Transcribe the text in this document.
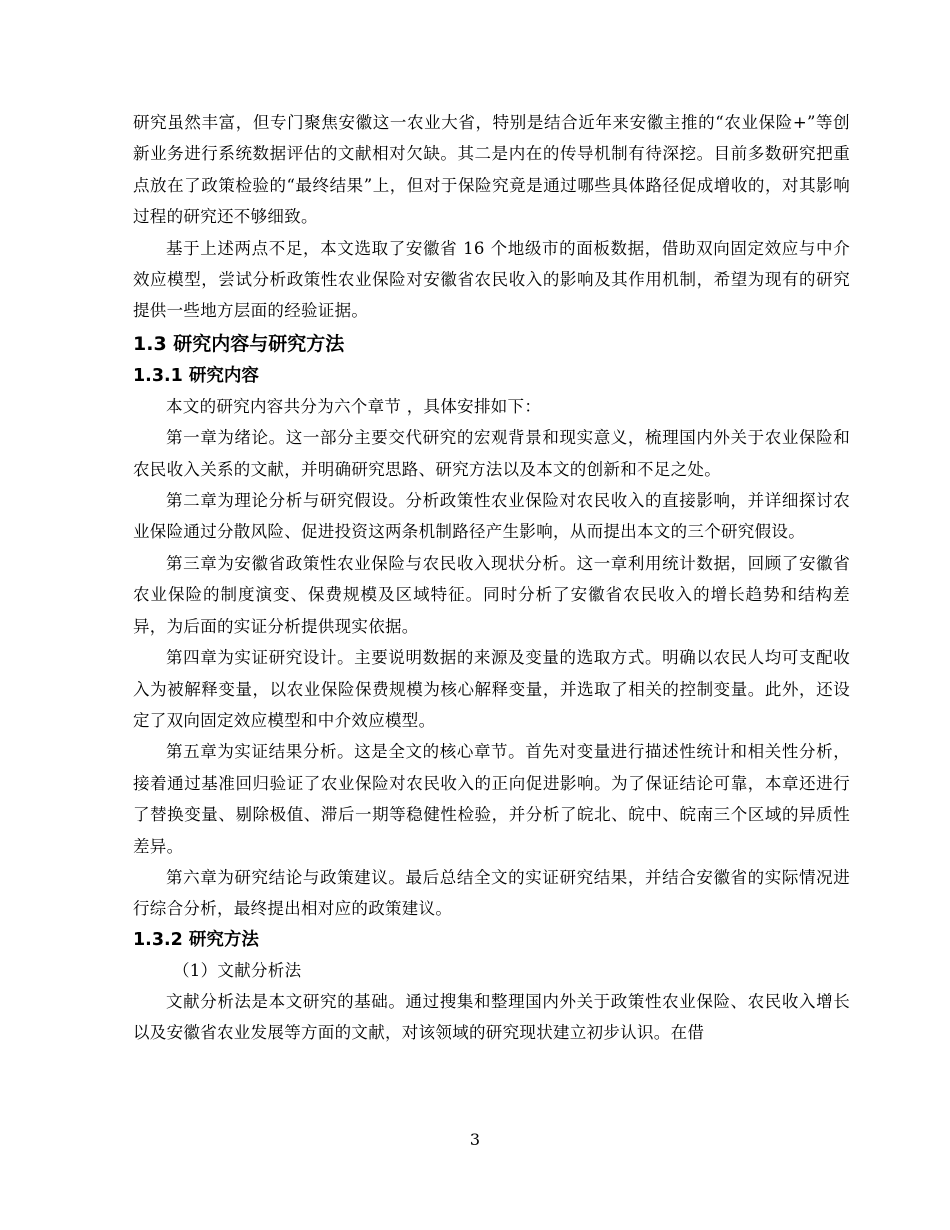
研究虽然丰富，但专门聚焦安徽这一农业大省，特别是结合近年来安徽主推的“农业保险+”等创新业务进行系统数据评估的文献相对欠缺。其二是内在的传导机制有待深挖。目前多数研究把重点放在了政策检验的“最终结果”上，但对于保险究竟是通过哪些具体路径促成增收的，对其影响过程的研究还不够细致。

基于上述两点不足，本文选取了安徽省 16 个地级市的面板数据，借助双向固定效应与中介效应模型，尝试分析政策性农业保险对安徽省农民收入的影响及其作用机制，希望为现有的研究提供一些地方层面的经验证据。

1.3 研究内容与研究方法
1.3.1 研究内容

本文的研究内容共分为六个章节 ，具体安排如下：

第一章为绪论。这一部分主要交代研究的宏观背景和现实意义，梳理国内外关于农业保险和农民收入关系的文献，并明确研究思路、研究方法以及本文的创新和不足之处。

第二章为理论分析与研究假设。分析政策性农业保险对农民收入的直接影响，并详细探讨农业保险通过分散风险、促进投资这两条机制路径产生影响，从而提出本文的三个研究假设。

第三章为安徽省政策性农业保险与农民收入现状分析。这一章利用统计数据，回顾了安徽省农业保险的制度演变、保费规模及区域特征。同时分析了安徽省农民收入的增长趋势和结构差异，为后面的实证分析提供现实依据。

第四章为实证研究设计。主要说明数据的来源及变量的选取方式。明确以农民人均可支配收入为被解释变量，以农业保险保费规模为核心解释变量，并选取了相关的控制变量。此外，还设定了双向固定效应模型和中介效应模型。

第五章为实证结果分析。这是全文的核心章节。首先对变量进行描述性统计和相关性分析，接着通过基准回归验证了农业保险对农民收入的正向促进影响。为了保证结论可靠，本章还进行了替换变量、剔除极值、滞后一期等稳健性检验，并分析了皖北、皖中、皖南三个区域的异质性差异。

第六章为研究结论与政策建议。最后总结全文的实证研究结果，并结合安徽省的实际情况进行综合分析，最终提出相对应的政策建议。

1.3.2 研究方法

（1）文献分析法

文献分析法是本文研究的基础。通过搜集和整理国内外关于政策性农业保险、农民收入增长以及安徽省农业发展等方面的文献，对该领域的研究现状建立初步认识。在借

3
